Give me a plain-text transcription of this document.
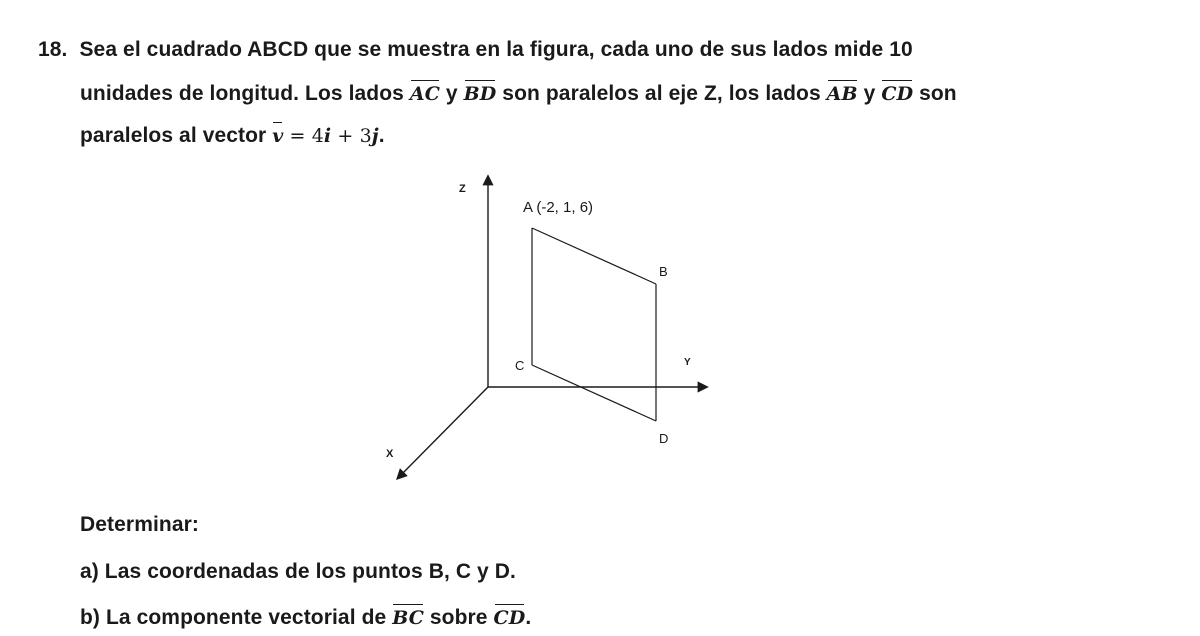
18. Sea el cuadrado ABCD que se muestra en la figura, cada uno de sus lados mide 10
unidades de longitud. Los lados AC y BD son paralelos al eje Z, los lados AB y CD son
paralelos al vector v = 4i + 3j.
Z
Y
X
A (-2, 1, 6)
B
C
D
Determinar:
a) Las coordenadas de los puntos B, C y D.
b) La componente vectorial de BC sobre CD.
